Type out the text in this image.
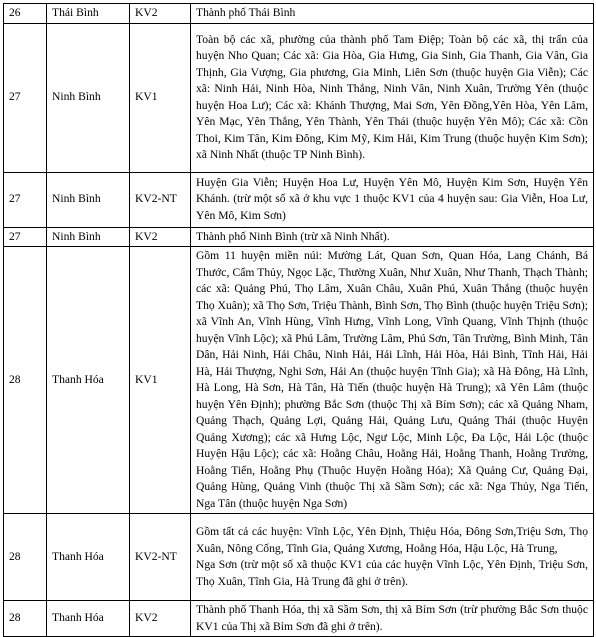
26	Thái Bình	KV2	Thành phố Thái Bình
27	Ninh Bình	KV1	Toàn bộ các xã, phường của thành phố Tam Điệp; Toàn bộ các xã, thị trấn của huyện Nho Quan; Các xã: Gia Hòa, Gia Hưng, Gia Sinh, Gia Thanh, Gia Vân, Gia Thịnh, Gia Vượng, Gia phương, Gia Minh, Liên Sơn (thuộc huyện Gia Viễn); Các xã: Ninh Hải, Ninh Hòa, Ninh Thắng, Ninh Vân, Ninh Xuân, Trường Yên (thuộc huyện Hoa Lư); Các xã: Khánh Thượng, Mai Sơn, Yên Đồng,Yên Hòa, Yên Lâm, Yên Mạc, Yên Thắng, Yên Thành, Yên Thái (thuộc huyện Yên Mô); Các xã: Cồn Thoi, Kim Tân, Kim Đông, Kim Mỹ, Kim Hải, Kim Trung (thuộc huyện Kim Sơn); xã Ninh Nhất (thuộc TP Ninh Bình).
27	Ninh Bình	KV2-NT	Huyện Gia Viễn; Huyện Hoa Lư, Huyện Yên Mô, Huyện Kim Sơn, Huyện Yên Khánh. (trừ một số xã ở khu vực 1 thuộc KV1 của 4 huyện sau: Gia Viễn, Hoa Lư, Yên Mô, Kim Sơn)
27	Ninh Bình	KV2	Thành phố Ninh Bình (trừ xã Ninh Nhất).
28	Thanh Hóa	KV1	Gồm 11 huyện miền núi: Mường Lát, Quan Sơn, Quan Hóa, Lang Chánh, Bá Thước, Cẩm Thủy, Ngọc Lặc, Thường Xuân, Như Xuân, Như Thanh, Thạch Thành; các xã: Quảng Phú, Thọ Lâm, Xuân Châu, Xuân Phú, Xuân Thắng (thuộc huyện Thọ Xuân); xã Thọ Sơn, Triệu Thành, Bình Sơn, Thọ Bình (thuộc huyện Triệu Sơn); xã Vĩnh An, Vĩnh Hùng, Vĩnh Hưng, Vĩnh Long, Vĩnh Quang, Vĩnh Thịnh (thuộc huyện Vĩnh Lộc); xã Phú Lâm, Trường Lâm, Phú Sơn, Tân Trường, Bình Minh, Tân Dân, Hải Ninh, Hải Châu, Ninh Hải, Hải Lĩnh, Hải Hòa, Hải Bình, Tĩnh Hải, Hải Hà, Hải Thượng, Nghi Sơn, Hải An (thuộc huyện Tĩnh Gia); xã Hà Đông, Hà Lĩnh, Hà Long, Hà Sơn, Hà Tân, Hà Tiến (thuộc huyện Hà Trung); xã Yên Lâm (thuộc huyện Yên Định); phường Bắc Sơn (thuộc Thị xã Bỉm Sơn); các xã Quảng Nham, Quảng Thạch, Quảng Lợi, Quảng Hải, Quảng Lưu, Quảng Thái (thuộc Huyện Quảng Xương); các xã Hưng Lộc, Ngư Lộc, Minh Lộc, Đa Lộc, Hải Lộc (thuộc Huyện Hậu Lộc); các xã: Hoằng Châu, Hoằng Hải, Hoằng Thanh, Hoằng Trường, Hoằng Tiến, Hoằng Phụ (Thuộc Huyện Hoằng Hóa); Xã Quảng Cư, Quảng Đại, Quảng Hùng, Quảng Vinh (thuộc Thị xã Sầm Sơn); các xã: Nga Thủy, Nga Tiến, Nga Tân (thuộc huyện Nga Sơn)
28	Thanh Hóa	KV2-NT	Gồm tất cả các huyện: Vĩnh Lộc, Yên Định, Thiệu Hóa, Đông Sơn,Triệu Sơn, Thọ Xuân, Nông Cống, Tĩnh Gia, Quảng Xương, Hoằng Hóa, Hậu Lộc, Hà Trung,
Nga Sơn (trừ một số xã thuộc KV1 của các huyện Vĩnh Lộc, Yên Định, Triệu Sơn, Thọ Xuân, Tĩnh Gia, Hà Trung đã ghi ở trên).

28	Thanh Hóa	KV2	Thành phố Thanh Hóa, thị xã Sầm Sơn, thị xã Bỉm Sơn (trừ phường Bắc Sơn thuộc KV1 của Thị xã Bỉm Sơn đã ghi ở trên).
